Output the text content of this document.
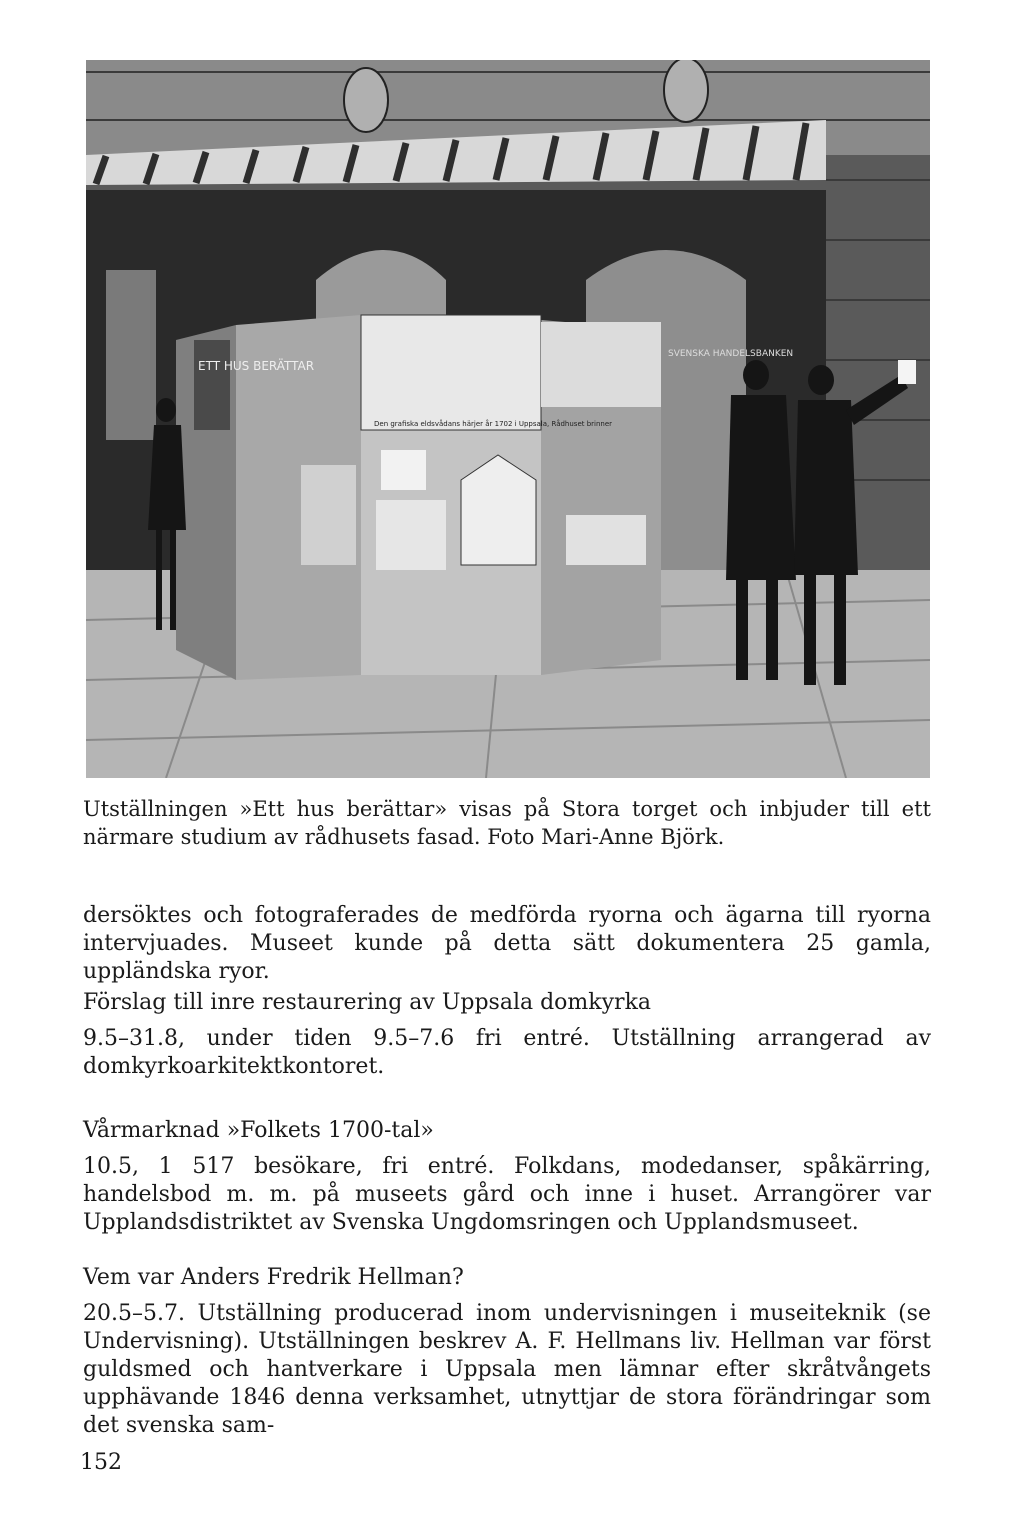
ETT HUS BERÄTTAR
Den grafiska eldsvådans härjer år 1702 i Uppsala, Rådhuset brinner
SVENSKA HANDELSBANKEN

Utställningen »Ett hus berättar» visas på Stora torget och inbjuder till ett närmare studium av rådhusets fasad. Foto Mari-Anne Björk.

dersöktes och fotograferades de medförda ryorna och ägarna till ryorna intervjuades. Museet kunde på detta sätt dokumentera 25 gamla, uppländska ryor.

Förslag till inre restaurering av Uppsala domkyrka

9.5–31.8, under tiden 9.5–7.6 fri entré. Utställning arrangerad av domkyrkoarkitektkontoret.

Vårmarknad »Folkets 1700-tal»

10.5, 1 517 besökare, fri entré. Folkdans, modedanser, spåkärring, handelsbod m. m. på museets gård och inne i huset. Arrangörer var Upplandsdistriktet av Svenska Ungdomsringen och Upplandsmuseet.

Vem var Anders Fredrik Hellman?

20.5–5.7. Utställning producerad inom undervisningen i museiteknik (se Undervisning). Utställningen beskrev A. F. Hellmans liv. Hellman var först guldsmed och hantverkare i Uppsala men lämnar efter skråtvångets upphävande 1846 denna verksamhet, utnyttjar de stora förändringar som det svenska sam-

152
